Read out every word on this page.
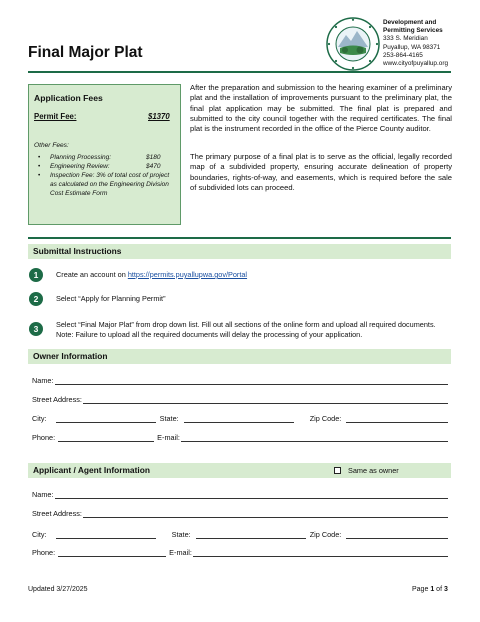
Final Major Plat
Development and
Permitting Services
333 S. Meridian
Puyallup, WA 98371
253-864-4165
www.cityofpuyallup.org
Application Fees
Permit Fee:	$1370
Other Fees:
• Planning Processing:	$180
• Engineering Review:	$470
• Inspection Fee: 3% of total cost of project as calculated on the Engineering Division Cost Estimate Form
After the preparation and submission to the hearing examiner of a preliminary plat and the installation of improvements pursuant to the preliminary plat, the final plat application may be submitted. The final plat is prepared and submitted to the city council together with the required certificates. The final plat is the instrument recorded in the office of the Pierce County auditor.
The primary purpose of a final plat is to serve as the official, legally recorded map of a subdivided property, ensuring accurate delineation of property boundaries, rights-of-way, and easements, which is required before the sale of subdivided lots can proceed.
Submittal Instructions
1	Create an account on https://permits.puyallupwa.gov/Portal
2	Select “Apply for Planning Permit”
3	Select “Final Major Plat” from drop down list. Fill out all sections of the online form and upload all required documents. Note: Failure to upload all the required documents will delay the processing of your application.
Owner Information
Name:
Street Address:
City:	State:	Zip Code:
Phone:	E-mail:
Applicant / Agent Information	Same as owner
Name:
Street Address:
City:	State:	Zip Code:
Phone:	E-mail:
Updated 3/27/2025	Page 1 of 3
